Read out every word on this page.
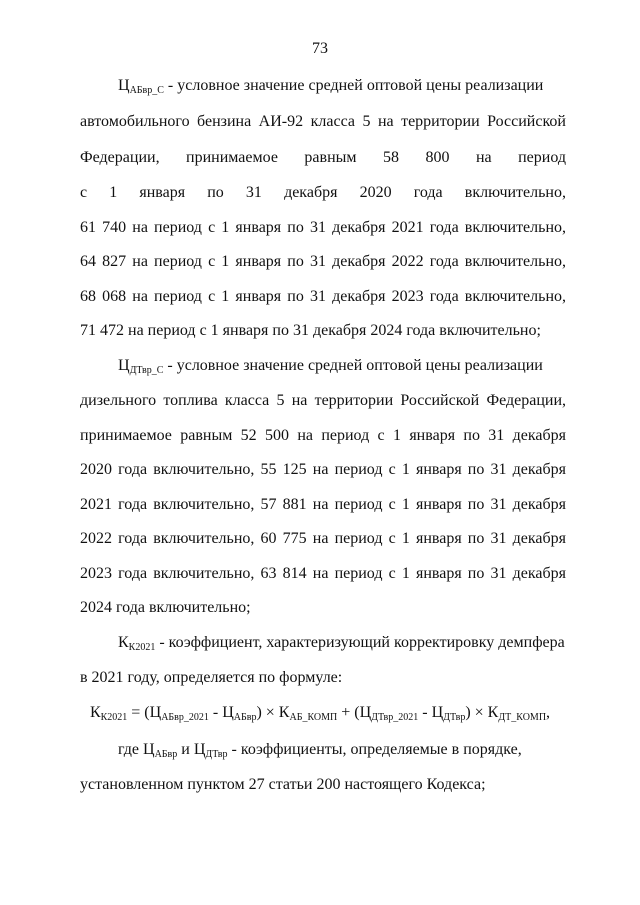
73
$Ц_{АБвр\_С}$ - условное значение средней оптовой цены реализации
автомобильного бензина АИ-92 класса 5 на территории Российской
Федерации, принимаемое равным 58 800 на период
с 1 января по 31 декабря 2020 года включительно,
61 740 на период с 1 января по 31 декабря 2021 года включительно,
64 827 на период с 1 января по 31 декабря 2022 года включительно,
68 068 на период с 1 января по 31 декабря 2023 года включительно,
71 472 на период с 1 января по 31 декабря 2024 года включительно;
$Ц_{ДТвр\_С}$ - условное значение средней оптовой цены реализации
дизельного топлива класса 5 на территории Российской Федерации,
принимаемое равным 52 500 на период с 1 января по 31 декабря
2020 года включительно, 55 125 на период с 1 января по 31 декабря
2021 года включительно, 57 881 на период с 1 января по 31 декабря
2022 года включительно, 60 775 на период с 1 января по 31 декабря
2023 года включительно, 63 814 на период с 1 января по 31 декабря
2024 года включительно;
$К_{К2021}$ - коэффициент, характеризующий корректировку демпфера
в 2021 году, определяется по формуле:
$К_{К2021} = (Ц_{АБвр\_2021} - Ц_{АБвр}) \times К_{АБ\_КОМП} + (Ц_{ДТвр\_2021} - Ц_{ДТвр}) \times К_{ДТ\_КОМП}$,
где $Ц_{АБвр}$ и $Ц_{ДТвр}$ - коэффициенты, определяемые в порядке,
установленном пунктом 27 статьи 200 настоящего Кодекса;
